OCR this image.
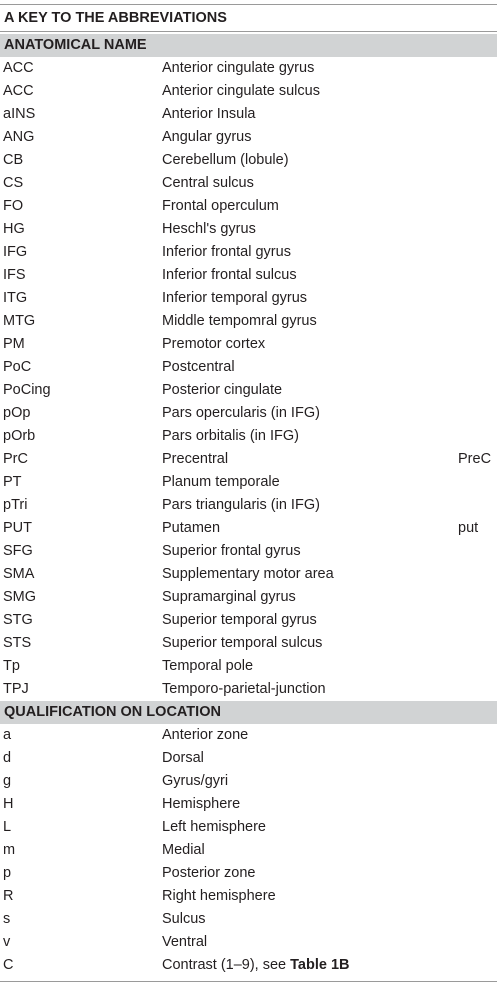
A KEY TO THE ABBREVIATIONS
ANATOMICAL NAME
ACC	Anterior cingulate gyrus
ACC	Anterior cingulate sulcus
aINS	Anterior Insula
ANG	Angular gyrus
CB	Cerebellum (lobule)
CS	Central sulcus
FO	Frontal operculum
HG	Heschl's gyrus
IFG	Inferior frontal gyrus
IFS	Inferior frontal sulcus
ITG	Inferior temporal gyrus
MTG	Middle tempomral gyrus
PM	Premotor cortex
PoC	Postcentral
PoCing	Posterior cingulate
pOp	Pars opercularis (in IFG)
pOrb	Pars orbitalis (in IFG)
PrC	Precentral	PreC
PT	Planum temporale
pTri	Pars triangularis (in IFG)
PUT	Putamen	put
SFG	Superior frontal gyrus
SMA	Supplementary motor area
SMG	Supramarginal gyrus
STG	Superior temporal gyrus
STS	Superior temporal sulcus
Tp	Temporal pole
TPJ	Temporo-parietal-junction
QUALIFICATION ON LOCATION
a	Anterior zone
d	Dorsal
g	Gyrus/gyri
H	Hemisphere
L	Left hemisphere
m	Medial
p	Posterior zone
R	Right hemisphere
s	Sulcus
v	Ventral
C	Contrast (1–9), see Table 1B
